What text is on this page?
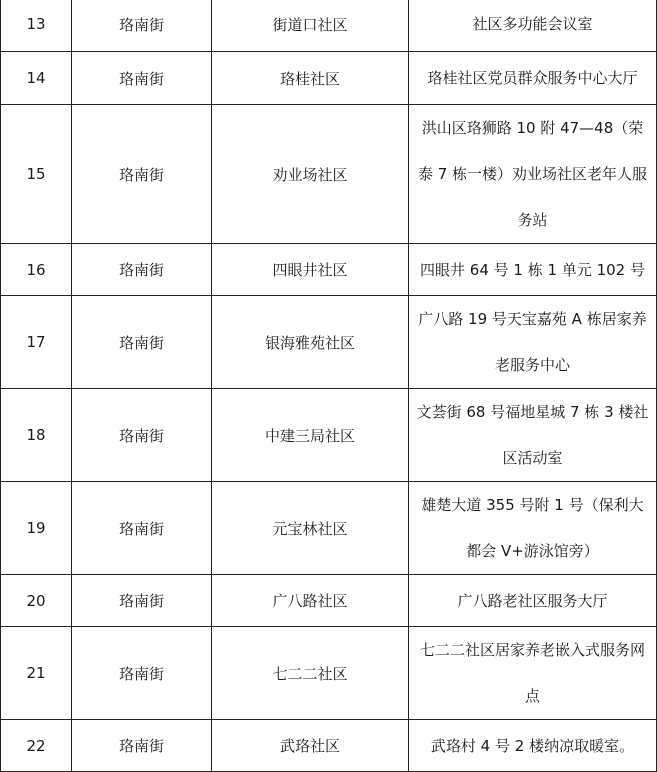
13	珞南街	街道口社区	社区多功能会议室
14	珞南街	珞桂社区	珞桂社区党员群众服务中心大厅
15	珞南街	劝业场社区	洪山区珞狮路 10 附 47—48（荣泰 7 栋一楼）劝业场社区老年人服务站
16	珞南街	四眼井社区	四眼井 64 号 1 栋 1 单元 102 号
17	珞南街	银海雅苑社区	广八路 19 号天宝嘉苑 A 栋居家养老服务中心
18	珞南街	中建三局社区	文荟街 68 号福地星城 7 栋 3 楼社区活动室
19	珞南街	元宝林社区	雄楚大道 355 号附 1 号（保利大都会 V+游泳馆旁）
20	珞南街	广八路社区	广八路老社区服务大厅
21	珞南街	七二二社区	七二二社区居家养老嵌入式服务网点
22	珞南街	武珞社区	武珞村 4 号 2 楼纳凉取暖室。
